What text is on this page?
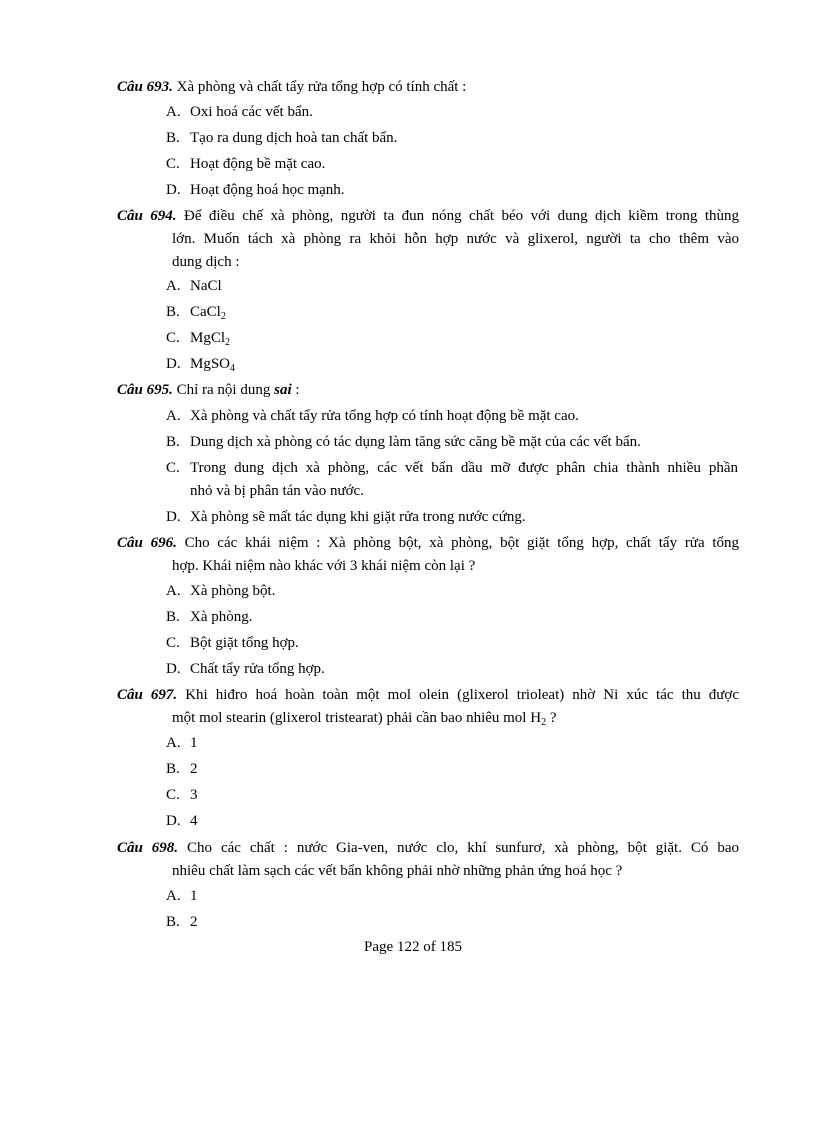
Câu 693. Xà phòng và chất tẩy rửa tổng hợp có tính chất :
A. Oxi hoá các vết bẩn.
B. Tạo ra dung dịch hoà tan chất bẩn.
C. Hoạt động bề mặt cao.
D. Hoạt động hoá học mạnh.
Câu 694. Để điều chế xà phòng, người ta đun nóng chất béo với dung dịch kiềm trong thùng
lớn. Muốn tách xà phòng ra khỏi hỗn hợp nước và glixerol, người ta cho thêm vào
dung dịch :
A. NaCl
B. CaCl$_2$
C. MgCl$_2$
D. MgSO$_4$
Câu 695. Chỉ ra nội dung sai :
A. Xà phòng và chất tẩy rửa tổng hợp có tính hoạt động bề mặt cao.
B. Dung dịch xà phòng có tác dụng làm tăng sức căng bề mặt của các vết bẩn.
C. Trong dung dịch xà phòng, các vết bẩn dầu mỡ được phân chia thành nhiều phần
nhỏ và bị phân tán vào nước.
D. Xà phòng sẽ mất tác dụng khi giặt rửa trong nước cứng.
Câu 696. Cho các khái niệm : Xà phòng bột, xà phòng, bột giặt tổng hợp, chất tẩy rửa tổng
hợp. Khái niệm nào khác với 3 khái niệm còn lại ?
A. Xà phòng bột.
B. Xà phòng.
C. Bột giặt tổng hợp.
D. Chất tẩy rửa tổng hợp.
Câu 697. Khi hiđro hoá hoàn toàn một mol olein (glixerol trioleat) nhờ Ni xúc tác thu được
một mol stearin (glixerol tristearat) phải cần bao nhiêu mol $H_2$ ?
A. 1
B. 2
C. 3
D. 4
Câu 698. Cho các chất : nước Gia-ven, nước clo, khí sunfurơ, xà phòng, bột giặt. Có bao
nhiêu chất làm sạch các vết bẩn không phải nhờ những phản ứng hoá học ?
A. 1
B. 2
Page 122 of 185
